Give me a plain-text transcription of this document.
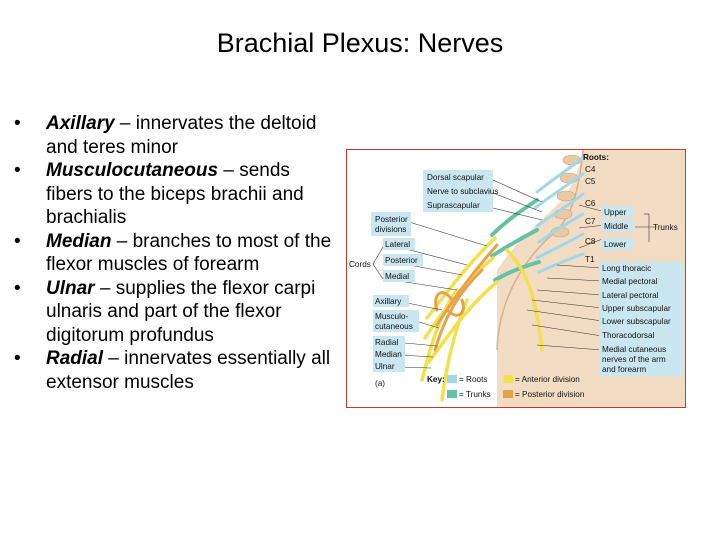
Brachial Plexus: Nerves
• Axillary – innervates the deltoid and teres minor
• Musculocutaneous – sends fibers to the biceps brachii and brachialis
• Median – branches to most of the flexor muscles of forearm
• Ulnar – supplies the flexor carpi ulnaris and part of the flexor digitorum profundus
• Radial – innervates essentially all extensor muscles
Dorsal scapular
Nerve to subclavius
Suprascapular
Posterior
divisions
Lateral
Posterior
Medial
Cords
Axillary
Musculo-
cutaneous
Radial
Median
Ulnar
(a)
Roots:
C4
C5
C6
C7
C8
T1
Upper
Middle
Lower
Trunks
Long thoracic
Medial pectoral
Lateral pectoral
Upper subscapular
Lower subscapular
Thoracodorsal
Medial cutaneous
nerves of the arm
and forearm
Key: = Roots	= Anterior division
= Trunks	= Posterior division
